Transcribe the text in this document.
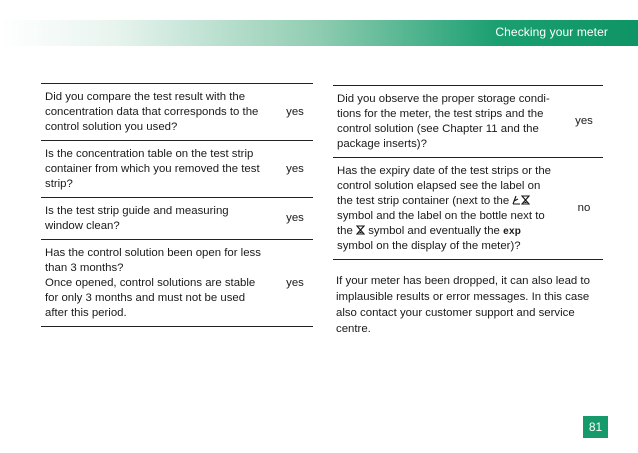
Checking your meter
Did you compare the test result with the concentration data that corresponds to the control solution you used?	yes
Is the concentration table on the test strip container from which you removed the test strip?	yes
Is the test strip guide and measuring window clean?	yes
Has the control solution been open for less than 3 months?
Once opened, control solutions are stable for only 3 months and must not be used after this period.	yes
Did you observe the proper storage conditions for the meter, the test strips and the control solution (see Chapter 11 and the package inserts)?	yes
Has the expiry date of the test strips or the control solution elapsed see the label on the test strip container (next to the  symbol and the label on the bottle next to the symbol and eventually the exp symbol on the display of the meter)?	no
If your meter has been dropped, it can also lead to implausible results or error messages. In this case also contact your customer support and service centre.
81
